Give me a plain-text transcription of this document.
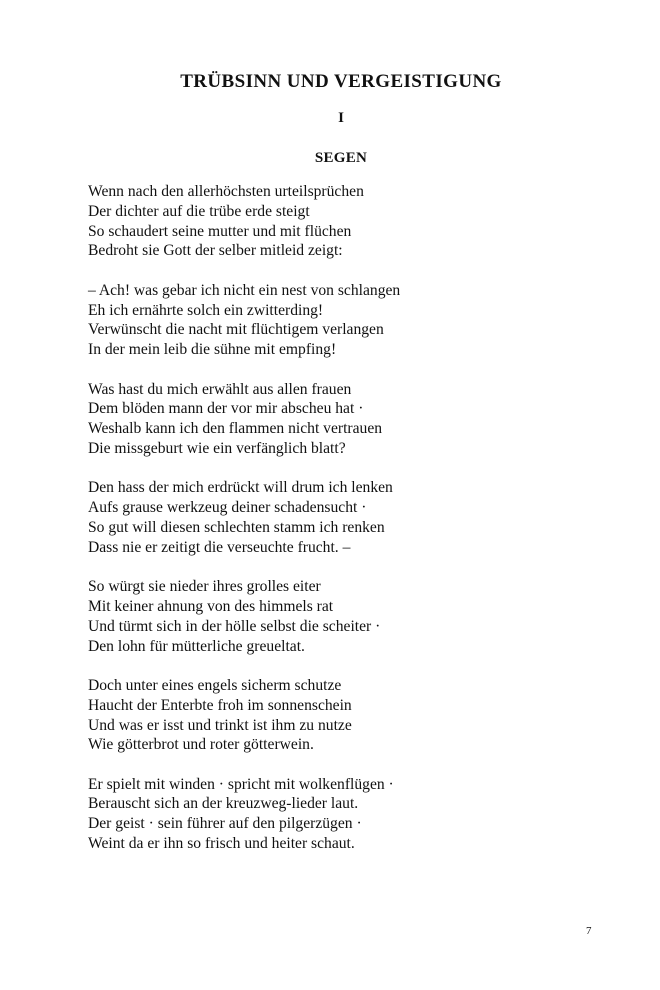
TRÜBSINN UND VERGEISTIGUNG
I
SEGEN
Wenn nach den allerhöchsten urteilsprüchen
Der dichter auf die trübe erde steigt
So schaudert seine mutter und mit flüchen
Bedroht sie Gott der selber mitleid zeigt:
– Ach! was gebar ich nicht ein nest von schlangen
Eh ich ernährte solch ein zwitterding!
Verwünscht die nacht mit flüchtigem verlangen
In der mein leib die sühne mit empfing!
Was hast du mich erwählt aus allen frauen
Dem blöden mann der vor mir abscheu hat ·
Weshalb kann ich den flammen nicht vertrauen
Die missgeburt wie ein verfänglich blatt?
Den hass der mich erdrückt will drum ich lenken
Aufs grause werkzeug deiner schadensucht ·
So gut will diesen schlechten stamm ich renken
Dass nie er zeitigt die verseuchte frucht. –
So würgt sie nieder ihres grolles eiter
Mit keiner ahnung von des himmels rat
Und türmt sich in der hölle selbst die scheiter ·
Den lohn für mütterliche greueltat.
Doch unter eines engels sicherm schutze
Haucht der Enterbte froh im sonnenschein
Und was er isst und trinkt ist ihm zu nutze
Wie götterbrot und roter götterwein.
Er spielt mit winden · spricht mit wolkenflügen ·
Berauscht sich an der kreuzweg-lieder laut.
Der geist · sein führer auf den pilgerzügen ·
Weint da er ihn so frisch und heiter schaut.
7
